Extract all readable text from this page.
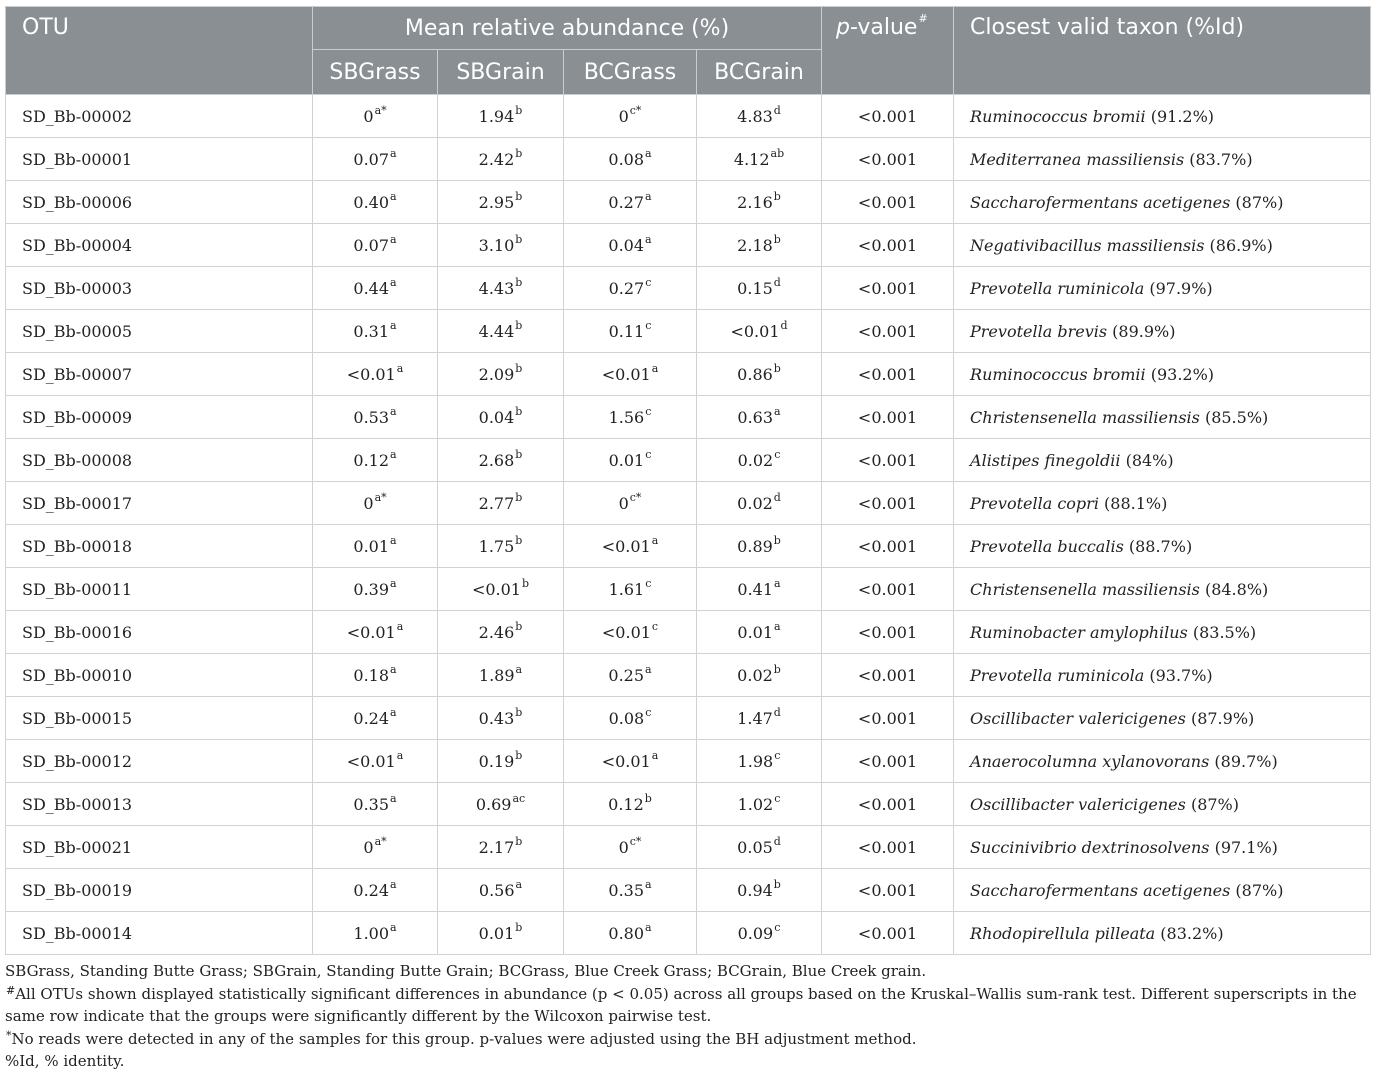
OTU	Mean relative abundance (%)				p-value#	Closest valid taxon (%Id)
	SBGrass	SBGrain	BCGrass	BCGrain		
SD_Bb-00002	$0^{a*}$	1.94$^b$	$0^{c*}$	4.83$^d$	<0.001	Ruminococcus bromii (91.2%)
SD_Bb-00001	0.07$^a$	2.42$^b$	0.08$^a$	4.12$^{ab}$	<0.001	Mediterranea massiliensis (83.7%)
SD_Bb-00006	0.40$^a$	2.95$^b$	0.27$^a$	2.16$^b$	<0.001	Saccharofermentans acetigenes (87%)
SD_Bb-00004	0.07$^a$	3.10$^b$	0.04$^a$	2.18$^b$	<0.001	Negativibacillus massiliensis (86.9%)
SD_Bb-00003	0.44$^a$	4.43$^b$	0.27$^c$	0.15$^d$	<0.001	Prevotella ruminicola (97.9%)
SD_Bb-00005	0.31$^a$	4.44$^b$	0.11$^c$	<0.01$^d$	<0.001	Prevotella brevis (89.9%)
SD_Bb-00007	<0.01$^a$	2.09$^b$	<0.01$^a$	0.86$^b$	<0.001	Ruminococcus bromii (93.2%)
SD_Bb-00009	0.53$^a$	0.04$^b$	1.56$^c$	0.63$^a$	<0.001	Christensenella massiliensis (85.5%)
SD_Bb-00008	0.12$^a$	2.68$^b$	0.01$^c$	0.02$^c$	<0.001	Alistipes finegoldii (84%)
SD_Bb-00017	$0^{a*}$	2.77$^b$	$0^{c*}$	0.02$^d$	<0.001	Prevotella copri (88.1%)
SD_Bb-00018	0.01$^a$	1.75$^b$	<0.01$^a$	0.89$^b$	<0.001	Prevotella buccalis (88.7%)
SD_Bb-00011	0.39$^a$	<0.01$^b$	1.61$^c$	0.41$^a$	<0.001	Christensenella massiliensis (84.8%)
SD_Bb-00016	<0.01$^a$	2.46$^b$	<0.01$^c$	0.01$^a$	<0.001	Ruminobacter amylophilus (83.5%)
SD_Bb-00010	0.18$^a$	1.89$^a$	0.25$^a$	0.02$^b$	<0.001	Prevotella ruminicola (93.7%)
SD_Bb-00015	0.24$^a$	0.43$^b$	0.08$^c$	1.47$^d$	<0.001	Oscillibacter valericigenes (87.9%)
SD_Bb-00012	<0.01$^a$	0.19$^b$	<0.01$^a$	1.98$^c$	<0.001	Anaerocolumna xylanovorans (89.7%)
SD_Bb-00013	0.35$^a$	0.69$^{ac}$	0.12$^b$	1.02$^c$	<0.001	Oscillibacter valericigenes (87%)
SD_Bb-00021	$0^{a*}$	2.17$^b$	$0^{c*}$	0.05$^d$	<0.001	Succinivibrio dextrinosolvens (97.1%)
SD_Bb-00019	0.24$^a$	0.56$^a$	0.35$^a$	0.94$^b$	<0.001	Saccharofermentans acetigenes (87%)
SD_Bb-00014	1.00$^a$	0.01$^b$	0.80$^a$	0.09$^c$	<0.001	Rhodopirellula pilleata (83.2%)

SBGrass, Standing Butte Grass; SBGrain, Standing Butte Grain; BCGrass, Blue Creek Grass; BCGrain, Blue Creek grain.

#All OTUs shown displayed statistically significant differences in abundance (p < 0.05) across all groups based on the Kruskal–Wallis sum-rank test. Different superscripts in the same row indicate that the groups were significantly different by the Wilcoxon pairwise test.

*No reads were detected in any of the samples for this group. p-values were adjusted using the BH adjustment method.

%Id, % identity.
